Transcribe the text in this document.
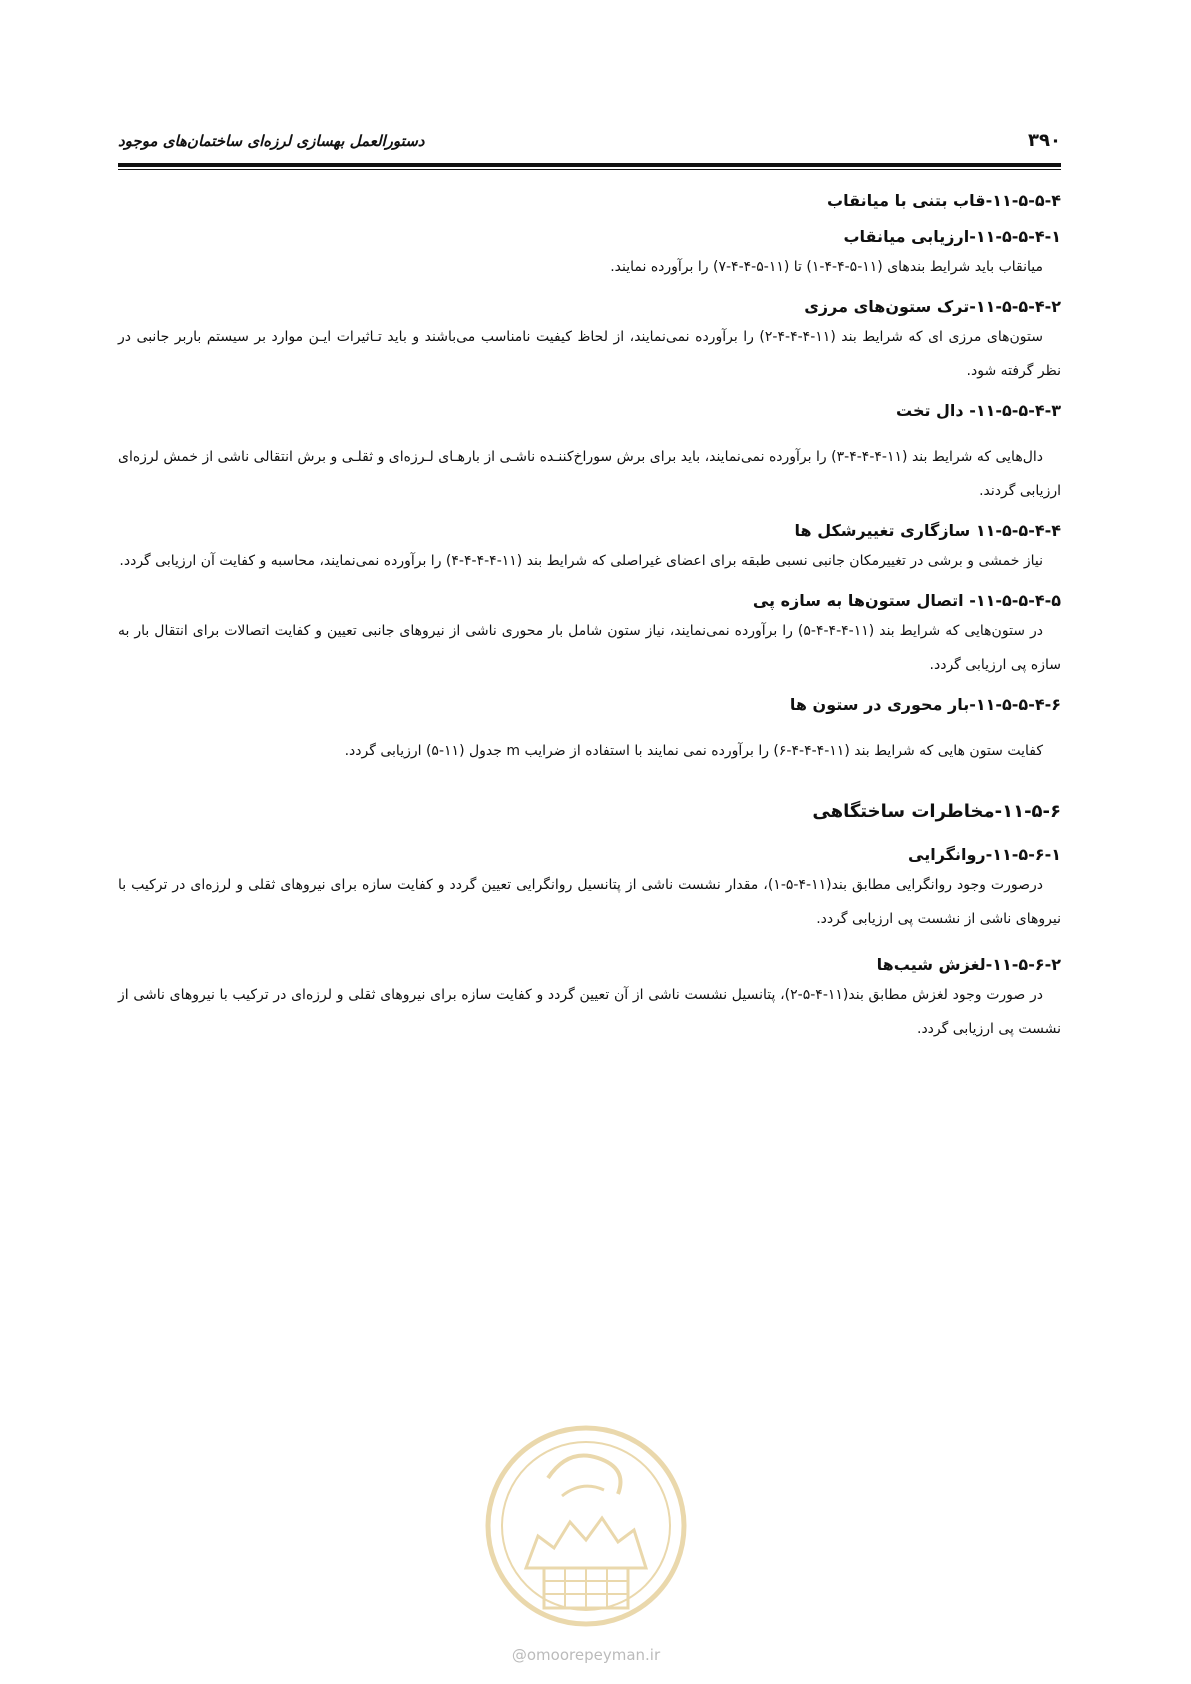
۳۹۰
دستورالعمل بهسازی لرزه‌ای ساختمان‌های موجود
۱۱-۵-۵-۴-قاب بتنی با میانقاب
۱۱-۵-۵-۴-۱-ارزیابی میانقاب
میانقاب باید شرایط بندهای (۱۱-۵-۴-۴-۱) تا (۱۱-۵-۴-۴-۷) را برآورده نمایند.
۱۱-۵-۵-۴-۲-ترک ستون‌های مرزی
ستون‌های مرزی ای که شرایط بند (۱۱-۴-۴-۴-۲) را برآورده نمی‌نمایند، از لحاظ کیفیت نامناسب می‌باشند و باید تـاثیرات ایـن موارد بر سیستم باربر جانبی در نظر گرفته شود.
۱۱-۵-۵-۴-۳- دال تخت
دال‌هایی که شرایط بند (۱۱-۴-۴-۴-۳) را برآورده نمی‌نمایند، باید برای برش سوراخ‌کننـده ناشـی از بارهـای لـرزه‌ای و ثقلـی و برش انتقالی ناشی از خمش لرزه‌ای ارزیابی گردند.
۱۱-۵-۵-۴-۴ سازگاری تغییرشکل ها
نیاز خمشی و برشی در تغییرمکان جانبی نسبی طبقه برای اعضای غیراصلی که شرایط بند (۱۱-۴-۴-۴-۴) را برآورده نمی‌نمایند، محاسبه و کفایت آن ارزیابی گردد.
۱۱-۵-۵-۴-۵- اتصال ستون‌ها به سازه پی
در ستون‌هایی که شرایط بند (۱۱-۴-۴-۴-۵) را برآورده نمی‌نمایند، نیاز ستون شامل بار محوری ناشی از نیروهای جانبی تعیین و کفایت اتصالات برای انتقال بار به سازه پی ارزیابی گردد.
۱۱-۵-۵-۴-۶-بار محوری در ستون ها
کفایت ستون هایی که شرایط بند (۱۱-۴-۴-۴-۶) را برآورده نمی نمایند با استفاده از ضرایب m جدول (۱۱-۵) ارزیابی گردد.
۱۱-۵-۶-مخاطرات ساختگاهی
۱۱-۵-۶-۱-روانگرایی
درصورت وجود روانگرایی مطابق بند(۱۱-۴-۵-۱)، مقدار نشست ناشی از پتانسیل روانگرایی تعیین گردد و کفایت سازه برای نیروهای ثقلی و لرزه‌ای در ترکیب با نیروهای ناشی از نشست پی ارزیابی گردد.
۱۱-۵-۶-۲-لغزش شیب‌ها
در صورت وجود لغزش مطابق بند(۱۱-۴-۵-۲)، پتانسیل نشست ناشی از آن تعیین گردد و کفایت سازه برای نیروهای ثقلی و لرزه‌ای در ترکیب با نیروهای ناشی از نشست پی ارزیابی گردد.
@omoorepeyman.ir
